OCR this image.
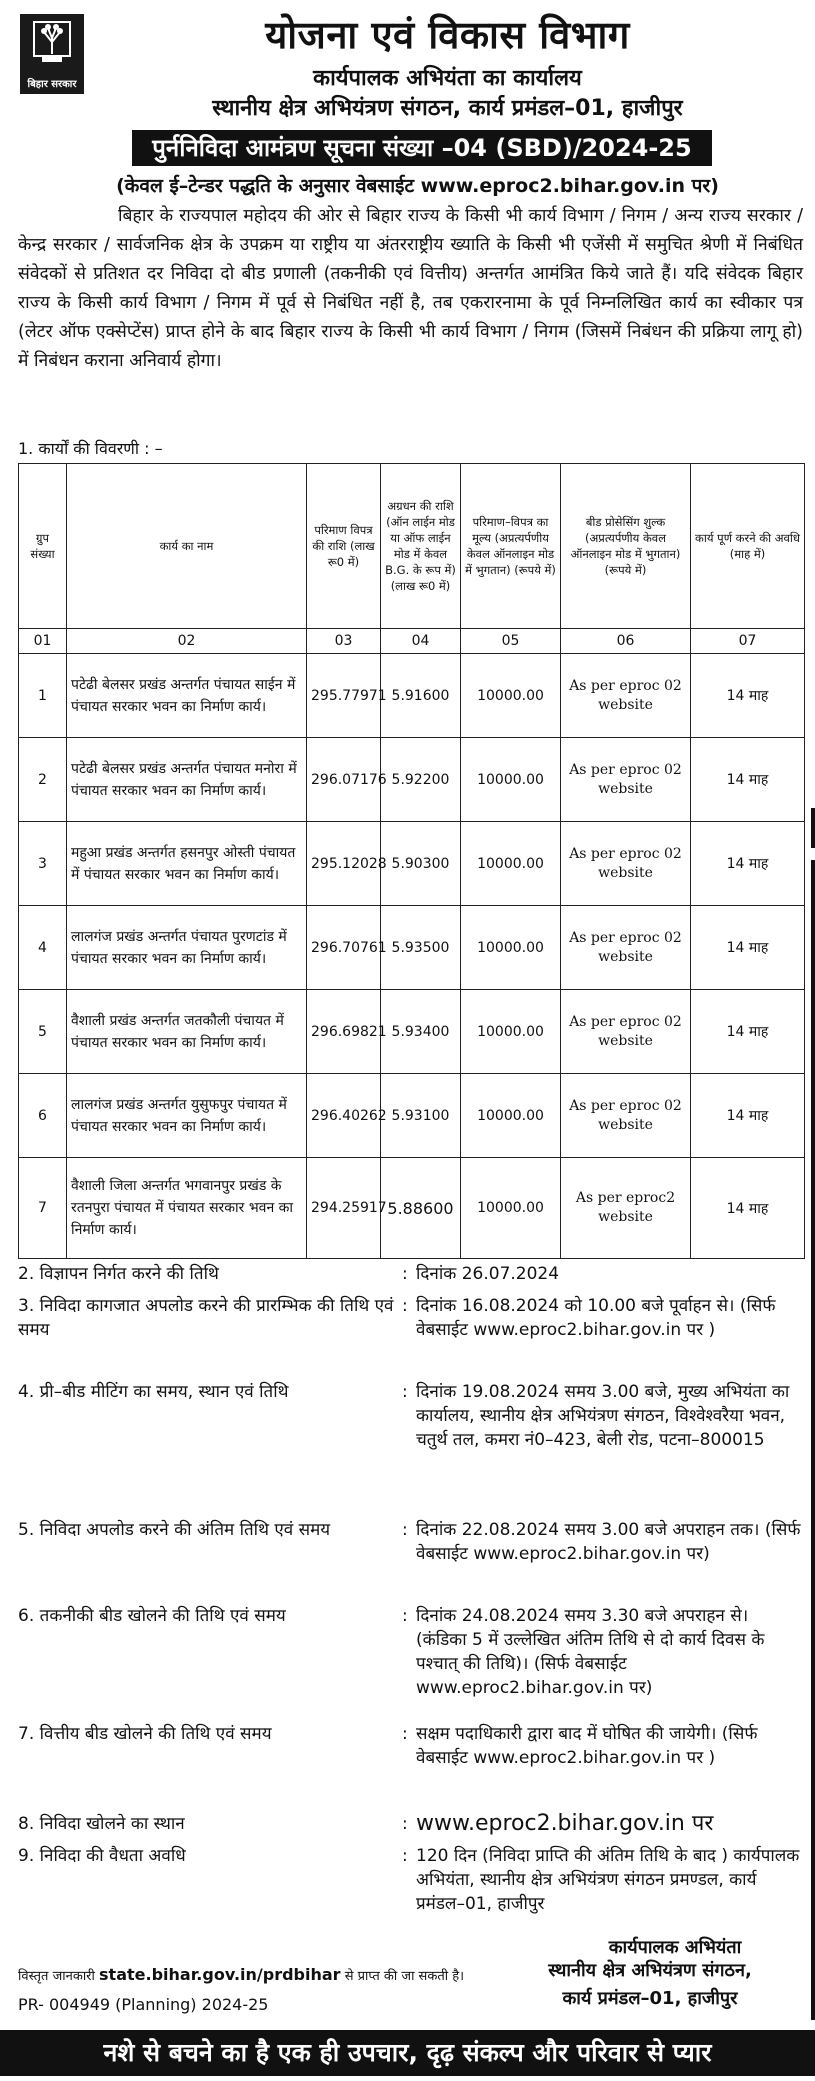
बिहार सरकार
योजना एवं विकास विभाग
कार्यपालक अभियंता का कार्यालय
स्थानीय क्षेत्र अभियंत्रण संगठन, कार्य प्रमंडल–01, हाजीपुर
पुर्ननिविदा आमंत्रण सूचना संख्या –04 (SBD)/2024-25
(केवल ई–टेन्डर पद्धति के अनुसार वेबसाईट www.eproc2.bihar.gov.in पर)
बिहार के राज्यपाल महोदय की ओर से बिहार राज्य के किसी भी कार्य विभाग / निगम / अन्य राज्य सरकार / केन्द्र सरकार / सार्वजनिक क्षेत्र के उपक्रम या राष्ट्रीय या अंतरराष्ट्रीय ख्याति के किसी भी एजेंसी में समुचित श्रेणी में निबंधित संवेदकों से प्रतिशत दर निविदा दो बीड प्रणाली (तकनीकी एवं वित्तीय) अन्तर्गत आमंत्रित किये जाते हैं। यदि संवेदक बिहार राज्य के किसी कार्य विभाग / निगम में पूर्व से निबंधित नहीं है, तब एकरारनामा के पूर्व निम्नलिखित कार्य का स्वीकार पत्र (लेटर ऑफ एक्सेप्टेंस) प्राप्त होने के बाद बिहार राज्य के किसी भी कार्य विभाग / निगम (जिसमें निबंधन की प्रक्रिया लागू हो) में निबंधन कराना अनिवार्य होगा।
1. कार्यों की विवरणी : –
ग्रुप संख्या	कार्य का नाम	परिमाण विपत्र की राशि (लाख रू0 में)	अग्रधन की राशि (ऑन लाईन मोड या ऑफ लाईन मोड में केवल B.G. के रूप में) (लाख रू0 में)	परिमाण–विपत्र का मूल्य (अप्रत्यर्पणीय केवल ऑनलाइन मोड में भुगतान) (रूपये में)	बीड प्रोसेसिंग शुल्क (अप्रत्यर्पणीय केवल ऑनलाइन मोड में भुगतान) (रूपये में)	कार्य पूर्ण करने की अवधि (माह में)
01	02	03	04	05	06	07
1	पटेढी बेलसर प्रखंड अन्तर्गत पंचायत साईन में पंचायत सरकार भवन का निर्माण कार्य।	295.77971	5.91600	10000.00	As per eproc 02 website	14 माह
2	पटेढी बेलसर प्रखंड अन्तर्गत पंचायत मनोरा में पंचायत सरकार भवन का निर्माण कार्य।	296.07176	5.92200	10000.00	As per eproc 02 website	14 माह
3	महुआ प्रखंड अन्तर्गत हसनपुर ओस्ती पंचायत में पंचायत सरकार भवन का निर्माण कार्य।	295.12028	5.90300	10000.00	As per eproc 02 website	14 माह
4	लालगंज प्रखंड अन्तर्गत पंचायत पुरणटांड में पंचायत सरकार भवन का निर्माण कार्य।	296.70761	5.93500	10000.00	As per eproc 02 website	14 माह
5	वैशाली प्रखंड अन्तर्गत जतकौली पंचायत में पंचायत सरकार भवन का निर्माण कार्य।	296.69821	5.93400	10000.00	As per eproc 02 website	14 माह
6	लालगंज प्रखंड अन्तर्गत युसुफपुर पंचायत में पंचायत सरकार भवन का निर्माण कार्य।	296.40262	5.93100	10000.00	As per eproc 02 website	14 माह
7	वैशाली जिला अन्तर्गत भगवानपुर प्रखंड के रतनपुरा पंचायत में पंचायत सरकार भवन का निर्माण कार्य।	294.25917	5.88600	10000.00	As per eproc2 website	14 माह
2. विज्ञापन निर्गत करने की तिथि	: दिनांक 26.07.2024
3. निविदा कागजात अपलोड करने की प्रारम्भिक की तिथि एवं समय
: दिनांक 16.08.2024 को 10.00 बजे पूर्वाहन से। (सिर्फ वेबसाईट www.eproc2.bihar.gov.in पर )
4. प्री–बीड मीटिंग का समय, स्थान एवं तिथि	: दिनांक 19.08.2024 समय 3.00 बजे, मुख्य अभियंता का कार्यालय, स्थानीय क्षेत्र अभियंत्रण संगठन, विश्वेश्वरैया भवन, चतुर्थ तल, कमरा नं0–423, बेली रोड, पटना–800015
5. निविदा अपलोड करने की अंतिम तिथि एवं समय	: दिनांक 22.08.2024 समय 3.00 बजे अपराहन तक। (सिर्फ वेबसाईट www.eproc2.bihar.gov.in पर)
6. तकनीकी बीड खोलने की तिथि एवं समय	: दिनांक 24.08.2024 समय 3.30 बजे अपराहन से। (कंडिका 5 में उल्लेखित अंतिम तिथि से दो कार्य दिवस के पश्चात् की तिथि)। (सिर्फ वेबसाईट www.eproc2.bihar.gov.in पर)
7. वित्तीय बीड खोलने की तिथि एवं समय	: सक्षम पदाधिकारी द्वारा बाद में घोषित की जायेगी। (सिर्फ वेबसाईट www.eproc2.bihar.gov.in पर )
8. निविदा खोलने का स्थान	: www.eproc2.bihar.gov.in पर
9. निविदा की वैधता अवधि	: 120 दिन (निविदा प्राप्ति की अंतिम तिथि के बाद ) कार्यपालक अभियंता, स्थानीय क्षेत्र अभियंत्रण संगठन प्रमण्डल, कार्य प्रमंडल–01, हाजीपुर
कार्यपालक अभियंता
विस्तृत जानकारी state.bihar.gov.in/prdbihar से प्राप्त की जा सकती है।	स्थानीय क्षेत्र अभियंत्रण संगठन,
PR- 004949 (Planning) 2024-25	कार्य प्रमंडल–01, हाजीपुर
नशे से बचने का है एक ही उपचार, दृढ़ संकल्प और परिवार से प्यार
